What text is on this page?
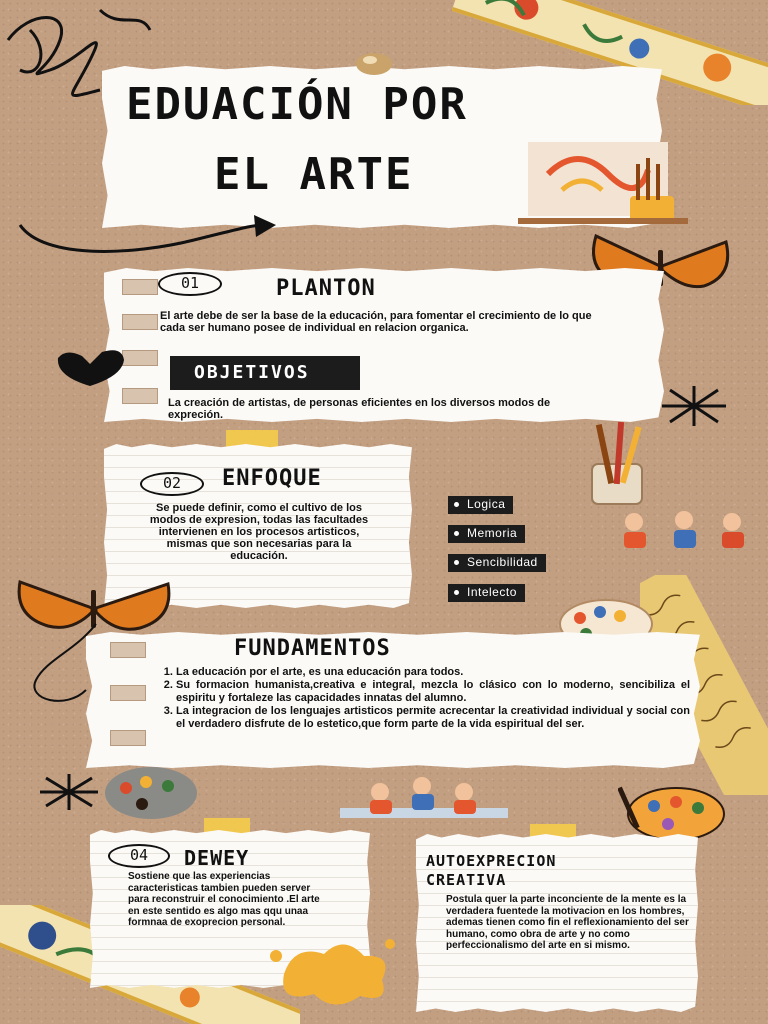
EDUACIÓN POR
EL ARTE
01	PLANTON
El arte debe de ser la base de la educación, para fomentar el crecimiento de lo que cada ser humano posee de individual en relacion organica.
OBJETIVOS
La creación de artistas, de personas eficientes en los diversos modos de expreción.
02	ENFOQUE
Se puede definir, como el cultivo de los modos de expresion, todas las facultades intervienen en los procesos artisticos, mismas que son necesarias para la educación.
Logica
Memoria
Sencibilidad
Intelecto
FUNDAMENTOS
1. La educación por el arte, es una educación para todos.
2. Su formacion humanista,creativa e integral, mezcla lo clásico con lo moderno, sencibiliza el espiritu y fortaleze las capacidades innatas del alumno.
3. La integracion de los lenguajes artisticos permite acrecentar la creatividad individual y social con el verdadero disfrute de lo estetico,que form parte de la vida espiritual del ser.
04	DEWEY
Sostiene que las experiencias caracteristicas tambien pueden server para reconstruir el conocimiento .El arte en este sentido es algo mas qqu unaa formnaa de exoprecion personal.
AUTOEXPRECION
CREATIVA
Postula quer la parte inconciente de la mente es la verdadera fuentede la motivacion en los hombres, ademas tienen como fin el reflexionamiento del ser humano, como obra de arte y no como perfeccionalismo del arte en si mismo.
